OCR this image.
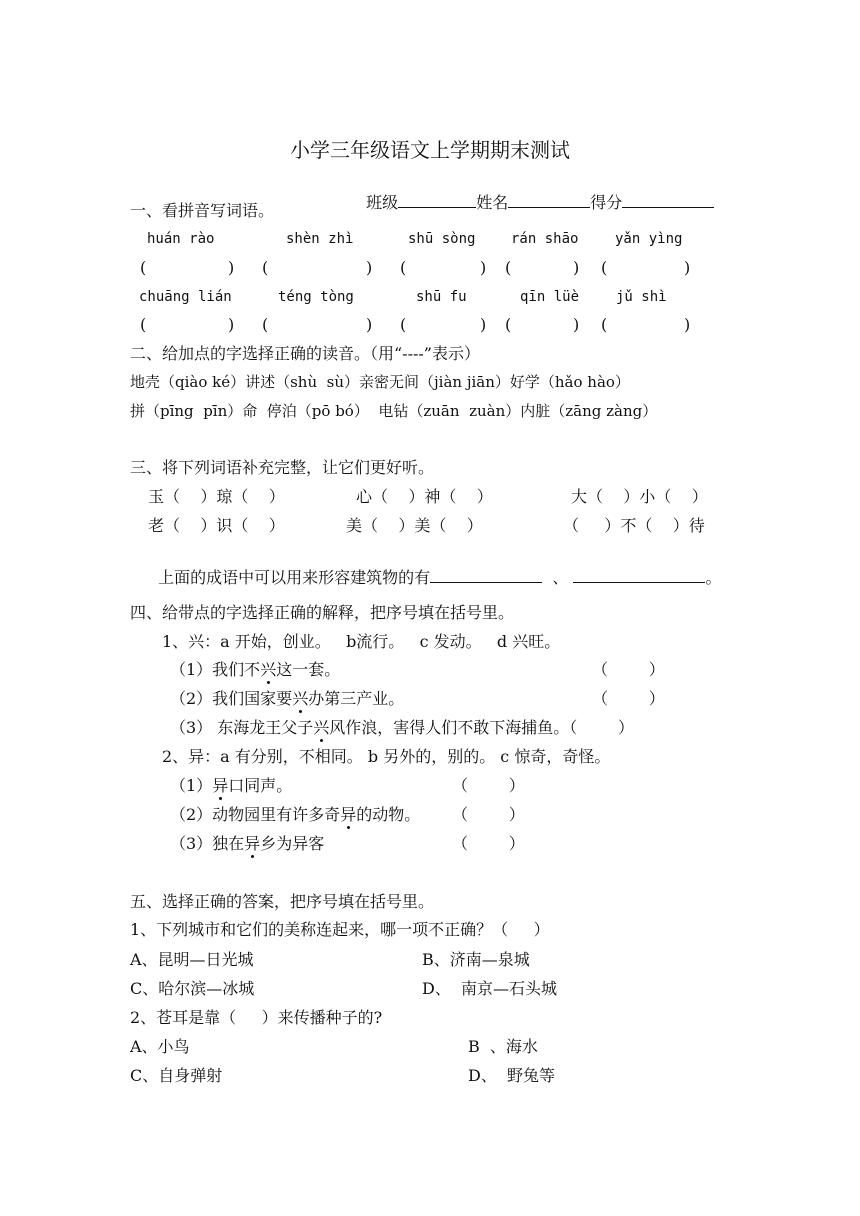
小学三年级语文上学期期末测试

班级	姓名	得分

一、看拼音写词语。
huán rào	shèn zhì	shū sòng	rán shāo	yǎn yìng
(	) (	) (	) (	) (	)
chuāng lián	téng tòng	shū fu	qīn lüè	jǔ shì
(	) (	) (	) (	) (	)
二、给加点的字选择正确的读音。（用“----”表示）
地壳（qiào ké）讲述（shù  sù）亲密无间（jiàn jiān）好学（hǎo hào）
拼（pīng  pīn）命  停泊（pō bó）  电钻（zuān  zuàn）内脏（zāng zàng）
三、将下列词语补充完整，让它们更好听。
玉（    ）琼（    ）	心（    ）神（    ）	大（    ）小（    ）
老（    ）识（    ）	美（    ）美（    ）	（     ）不（    ）待

上面的成语中可以用来形容建筑物的有	、	。

四、给带点的字选择正确的解释，把序号填在括号里。
1、兴：a 开始，创业。   b流行。   c 发动。   d 兴旺。
（1）我们不兴这一套。	（        ）
（2）我们国家要兴办第三产业。	（        ）
（3） 东海龙王父子兴风作浪，害得人们不敢下海捕鱼。（        ）
2、异：a 有分别，不相同。 b 另外的，别的。 c 惊奇，奇怪。
（1）异口同声。	（        ）
（2）动物园里有许多奇异的动物。 （        ）
（3）独在异乡为异客	（        ）
五、选择正确的答案，把序号填在括号里。
1、下列城市和它们的美称连起来，哪一项不正确？（     ）
A、昆明—日光城	B、济南—泉城
C、哈尔滨—冰城	D、  南京—石头城
2、苍耳是靠（     ）来传播种子的?
A、小鸟	B  、海水
C、自身弹射	D、  野兔等
